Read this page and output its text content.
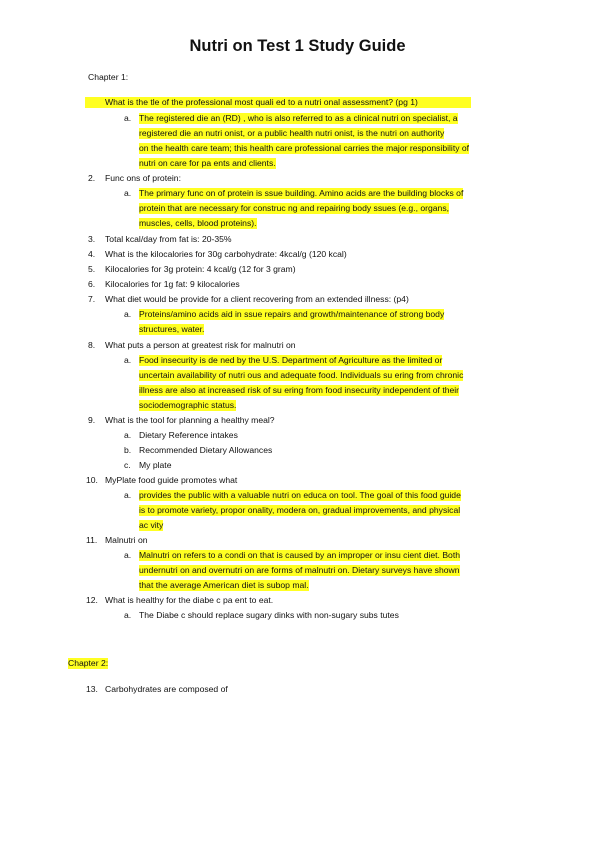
Nutri on Test 1 Study Guide
Chapter 1:
What is the tle of the professional most quali ed to a nutri onal assessment? (pg 1)
a. The registered die an (RD) , who is also referred to as a clinical nutri on specialist, a
registered die an nutri onist, or a public health nutri onist, is the nutri on authority
on the health care team; this health care professional carries the major responsibility of
nutri on care for pa ents and clients.
2. Func ons of protein:
a. The primary func on of protein is ssue building. Amino acids are the building blocks of
protein that are necessary for construc ng and repairing body ssues (e.g., organs,
muscles, cells, blood proteins).
3. Total kcal/day from fat is: 20-35%
4. What is the kilocalories for 30g carbohydrate: 4kcal/g (120 kcal)
5. Kilocalories for 3g protein: 4 kcal/g (12 for 3 gram)
6. Kilocalories for 1g fat: 9 kilocalories
7. What diet would be provide for a client recovering from an extended illness: (p4)
a. Proteins/amino acids aid in ssue repairs and growth/maintenance of strong body
structures, water.
8. What puts a person at greatest risk for malnutri on
a. Food insecurity is de ned by the U.S. Department of Agriculture as the limited or
uncertain availability of nutri ous and adequate food. Individuals su ering from chronic
illness are also at increased risk of su ering from food insecurity independent of their
sociodemographic status.
9. What is the tool for planning a healthy meal?
a. Dietary Reference intakes
b. Recommended Dietary Allowances
c. My plate
10. MyPlate food guide promotes what
a. provides the public with a valuable nutri on educa on tool. The goal of this food guide
is to promote variety, propor onality, modera on, gradual improvements, and physical
ac vity
11. Malnutri on
a. Malnutri on refers to a condi on that is caused by an improper or insu cient diet. Both
undernutri on and overnutri on are forms of malnutri on. Dietary surveys have shown
that the average American diet is subop mal.
12. What is healthy for the diabe c pa ent to eat.
a. The Diabe c should replace sugary dinks with non-sugary subs tutes
Chapter 2:
13. Carbohydrates are composed of
